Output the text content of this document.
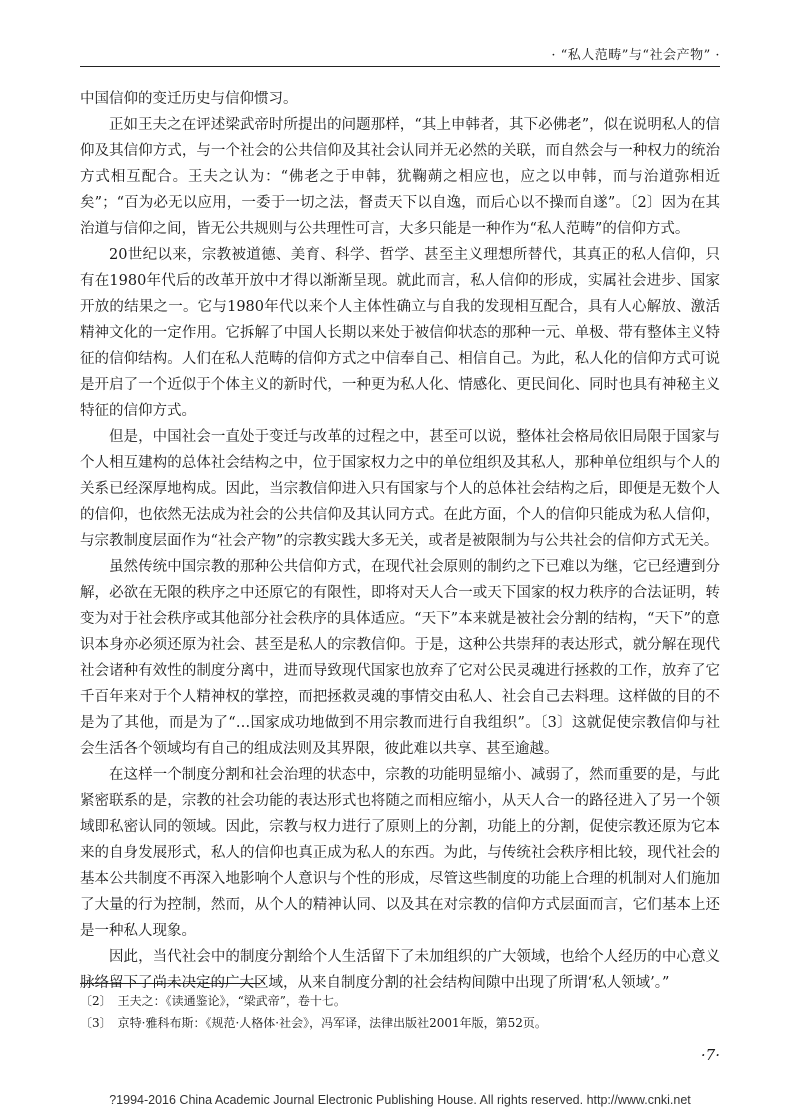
· “私人范畴”与“社会产物” ·

中国信仰的变迁历史与信仰惯习。

正如王夫之在评述梁武帝时所提出的问题那样，“其上申韩者，其下必佛老”，似在说明私人的信仰及其信仰方式，与一个社会的公共信仰及其社会认同并无必然的关联，而自然会与一种权力的统治方式相互配合。王夫之认为：“佛老之于申韩，犹鞠蒴之相应也，应之以申韩，而与治道弥相近矣”；“百为必无以应用，一委于一切之法，督责天下以自逸，而后心以不操而自遂”。〔2〕因为在其治道与信仰之间，皆无公共规则与公共理性可言，大多只能是一种作为“私人范畴”的信仰方式。

20世纪以来，宗教被道德、美育、科学、哲学、甚至主义理想所替代，其真正的私人信仰，只有在1980年代后的改革开放中才得以渐渐呈现。就此而言，私人信仰的形成，实属社会进步、国家开放的结果之一。它与1980年代以来个人主体性确立与自我的发现相互配合，具有人心解放、激活精神文化的一定作用。它拆解了中国人长期以来处于被信仰状态的那种一元、单极、带有整体主义特征的信仰结构。人们在私人范畴的信仰方式之中信奉自己、相信自己。为此，私人化的信仰方式可说是开启了一个近似于个体主义的新时代，一种更为私人化、情感化、更民间化、同时也具有神秘主义特征的信仰方式。

但是，中国社会一直处于变迁与改革的过程之中，甚至可以说，整体社会格局依旧局限于国家与个人相互建构的总体社会结构之中，位于国家权力之中的单位组织及其私人，那种单位组织与个人的关系已经深厚地构成。因此，当宗教信仰进入只有国家与个人的总体社会结构之后，即便是无数个人的信仰，也依然无法成为社会的公共信仰及其认同方式。在此方面，个人的信仰只能成为私人信仰，与宗教制度层面作为“社会产物”的宗教实践大多无关，或者是被限制为与公共社会的信仰方式无关。

虽然传统中国宗教的那种公共信仰方式，在现代社会原则的制约之下已难以为继，它已经遭到分解，必欲在无限的秩序之中还原它的有限性，即将对天人合一或天下国家的权力秩序的合法证明，转变为对于社会秩序或其他部分社会秩序的具体适应。“天下”本来就是被社会分割的结构，“天下”的意识本身亦必须还原为社会、甚至是私人的宗教信仰。于是，这种公共崇拜的表达形式，就分解在现代社会诸种有效性的制度分离中，进而导致现代国家也放弃了它对公民灵魂进行拯救的工作，放弃了它千百年来对于个人精神权的掌控，而把拯救灵魂的事情交由私人、社会自己去料理。这样做的目的不是为了其他，而是为了“…国家成功地做到不用宗教而进行自我组织”。〔3〕这就促使宗教信仰与社会生活各个领域均有自己的组成法则及其界限，彼此难以共享、甚至逾越。

在这样一个制度分割和社会治理的状态中，宗教的功能明显缩小、减弱了，然而重要的是，与此紧密联系的是，宗教的社会功能的表达形式也将随之而相应缩小，从天人合一的路径进入了另一个领域即私密认同的领域。因此，宗教与权力进行了原则上的分割，功能上的分割，促使宗教还原为它本来的自身发展形式，私人的信仰也真正成为私人的东西。为此，与传统社会秩序相比较，现代社会的基本公共制度不再深入地影响个人意识与个性的形成，尽管这些制度的功能上合理的机制对人们施加了大量的行为控制，然而，从个人的精神认同、以及其在对宗教的信仰方式层面而言，它们基本上还是一种私人现象。

因此，当代社会中的制度分割给个人生活留下了未加组织的广大领域，也给个人经历的中心意义脉络留下了尚未决定的广大区域，从来自制度分割的社会结构间隙中出现了所谓‘私人领域’。”

〔2〕　王夫之：《读通鉴论》，“梁武帝”，卷十七。
〔3〕　京特·雅科布斯：《规范·人格体·社会》，冯军译，法律出版社2001年版，第52页。
·7·
?1994-2016 China Academic Journal Electronic Publishing House. All rights reserved. http://www.cnki.net
